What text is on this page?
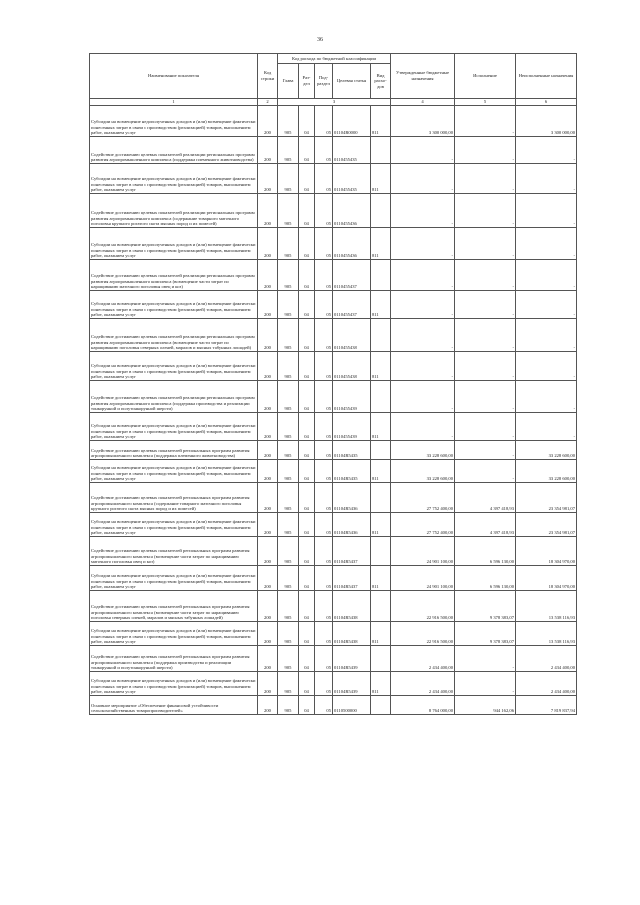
36
Наименование показателя	Код строки	Код расхода по бюджетной классификации					Утвержденные бюджетные назначения	Исполнение	Неисполненные назначения
		Глава	Раз-дел	Под-раздел	Целевая статья	Вид расхо-дов			
1	2	3					4	5	6
Субсидии на возмещение недополученных доходов и (или) возмещение фактически понесенных затрат в связи с производством (реализацией) товаров, выполнением работ, оказанием услуг	200	905	04	05	01104R0000	811	3 300 000,00	-	3 300 000,00
Содействие достижению целевых показателей реализации региональных программ развития агропромышленного комплекса (поддержка племенного животноводства)	200	905	04	05	0110455435		-	-	-
Субсидии на возмещение недополученных доходов и (или) возмещение фактически понесенных затрат в связи с производством (реализацией) товаров, выполнением работ, оказанием услуг	200	905	04	05	0110455435	811	-	-	-
Содействие достижению целевых показателей реализации региональных программ развития агропромышленного комплекса (содержание товарного маточного поголовья крупного рогатого скота мясных пород и их помесей)	200	905	04	05	0110455436		-	-	-
Субсидии на возмещение недополученных доходов и (или) возмещение фактически понесенных затрат в связи с производством (реализацией) товаров, выполнением работ, оказанием услуг	200	905	04	05	0110455436	811	-	-	-
Содействие достижению целевых показателей реализации региональных программ развития агропромышленного комплекса (возмещение части затрат по наращиванию маточного поголовья овец и коз)	200	905	04	05	0110455437		-	-	-
Субсидии на возмещение недополученных доходов и (или) возмещение фактически понесенных затрат в связи с производством (реализацией) товаров, выполнением работ, оказанием услуг	200	905	04	05	0110455437	811	-	-	-
Содействие достижению целевых показателей реализации региональных программ развития агропромышленного комплекса (возмещение части затрат по наращиванию поголовья северных оленей, маралов и мясных табунных лошадей)	200	905	04	05	0110455438		-	-	-
Субсидии на возмещение недополученных доходов и (или) возмещение фактически понесенных затрат в связи с производством (реализацией) товаров, выполнением работ, оказанием услуг	200	905	04	05	0110455438	811	-	-	-
Содействие достижению целевых показателей реализации региональных программ развития агропромышленного комплекса (поддержка производства и реализации тонкорунной и полутонкорунной шерсти)	200	905	04	05	0110455439		-	-	-
Субсидии на возмещение недополученных доходов и (или) возмещение фактически понесенных затрат в связи с производством (реализацией) товаров, выполнением работ, оказанием услуг	200	905	04	05	0110455439	811	-	-	-
Содействие достижению целевых показателей региональных программ развития агропромышленного комплекса (поддержка племенного животноводства)	200	905	04	05	01104R5435		33 228 600,00	-	33 228 600,00
Субсидии на возмещение недополученных доходов и (или) возмещение фактически понесенных затрат в связи с производством (реализацией) товаров, выполнением работ, оказанием услуг	200	905	04	05	01104R5435	811	33 228 600,00	-	33 228 600,00
Содействие достижению целевых показателей региональных программ развития агропромышленного комплекса (содержание товарного маточного поголовья крупного рогатого скота мясных пород и их помесей)	200	905	04	05	01104R5436		27 752 400,00	4 397 418,93	23 354 981,07
Субсидии на возмещение недополученных доходов и (или) возмещение фактически понесенных затрат в связи с производством (реализацией) товаров, выполнением работ, оказанием услуг	200	905	04	05	01104R5436	811	27 752 400,00	4 397 418,93	23 354 981,07
Содействие достижению целевых показателей региональных программ развития агропромышленного комплекса (возмещение части затрат по наращиванию маточного поголовья овец и коз)	200	905	04	05	01104R5437		24 901 100,00	6 596 130,00	18 304 970,00
Субсидии на возмещение недополученных доходов и (или) возмещение фактически понесенных затрат в связи с производством (реализацией) товаров, выполнением работ, оказанием услуг	200	905	04	05	01104R5437	811	24 901 100,00	6 596 130,00	18 304 970,00
Содействие достижению целевых показателей региональных программ развития агропромышленного комплекса (возмещение части затрат по наращиванию поголовья северных оленей, маралов и мясных табунных лошадей)	200	905	04	05	01104R5438		22 916 500,00	9 378 383,07	13 538 116,93
Субсидии на возмещение недополученных доходов и (или) возмещение фактически понесенных затрат в связи с производством (реализацией) товаров, выполнением работ, оказанием услуг	200	905	04	05	01104R5438	811	22 916 500,00	9 378 383,07	13 538 116,93
Содействие достижению целевых показателей региональных программ развития агропромышленного комплекса (поддержка производства и реализации тонкорунной и полутонкорунной шерсти)	200	905	04	05	01104R5439		2 434 400,00	-	2 434 400,00
Субсидии на возмещение недополученных доходов и (или) возмещение фактически понесенных затрат в связи с производством (реализацией) товаров, выполнением работ, оказанием услуг	200	905	04	05	01104R5439	811	2 434 400,00	-	2 434 400,00
Основное мероприятие «Обеспечение финансовой устойчивости сельскохозяйственных товаропроизводителей»	200	905	04	05	0110500000		8 764 000,00	944 162,06	7 819 837,94
